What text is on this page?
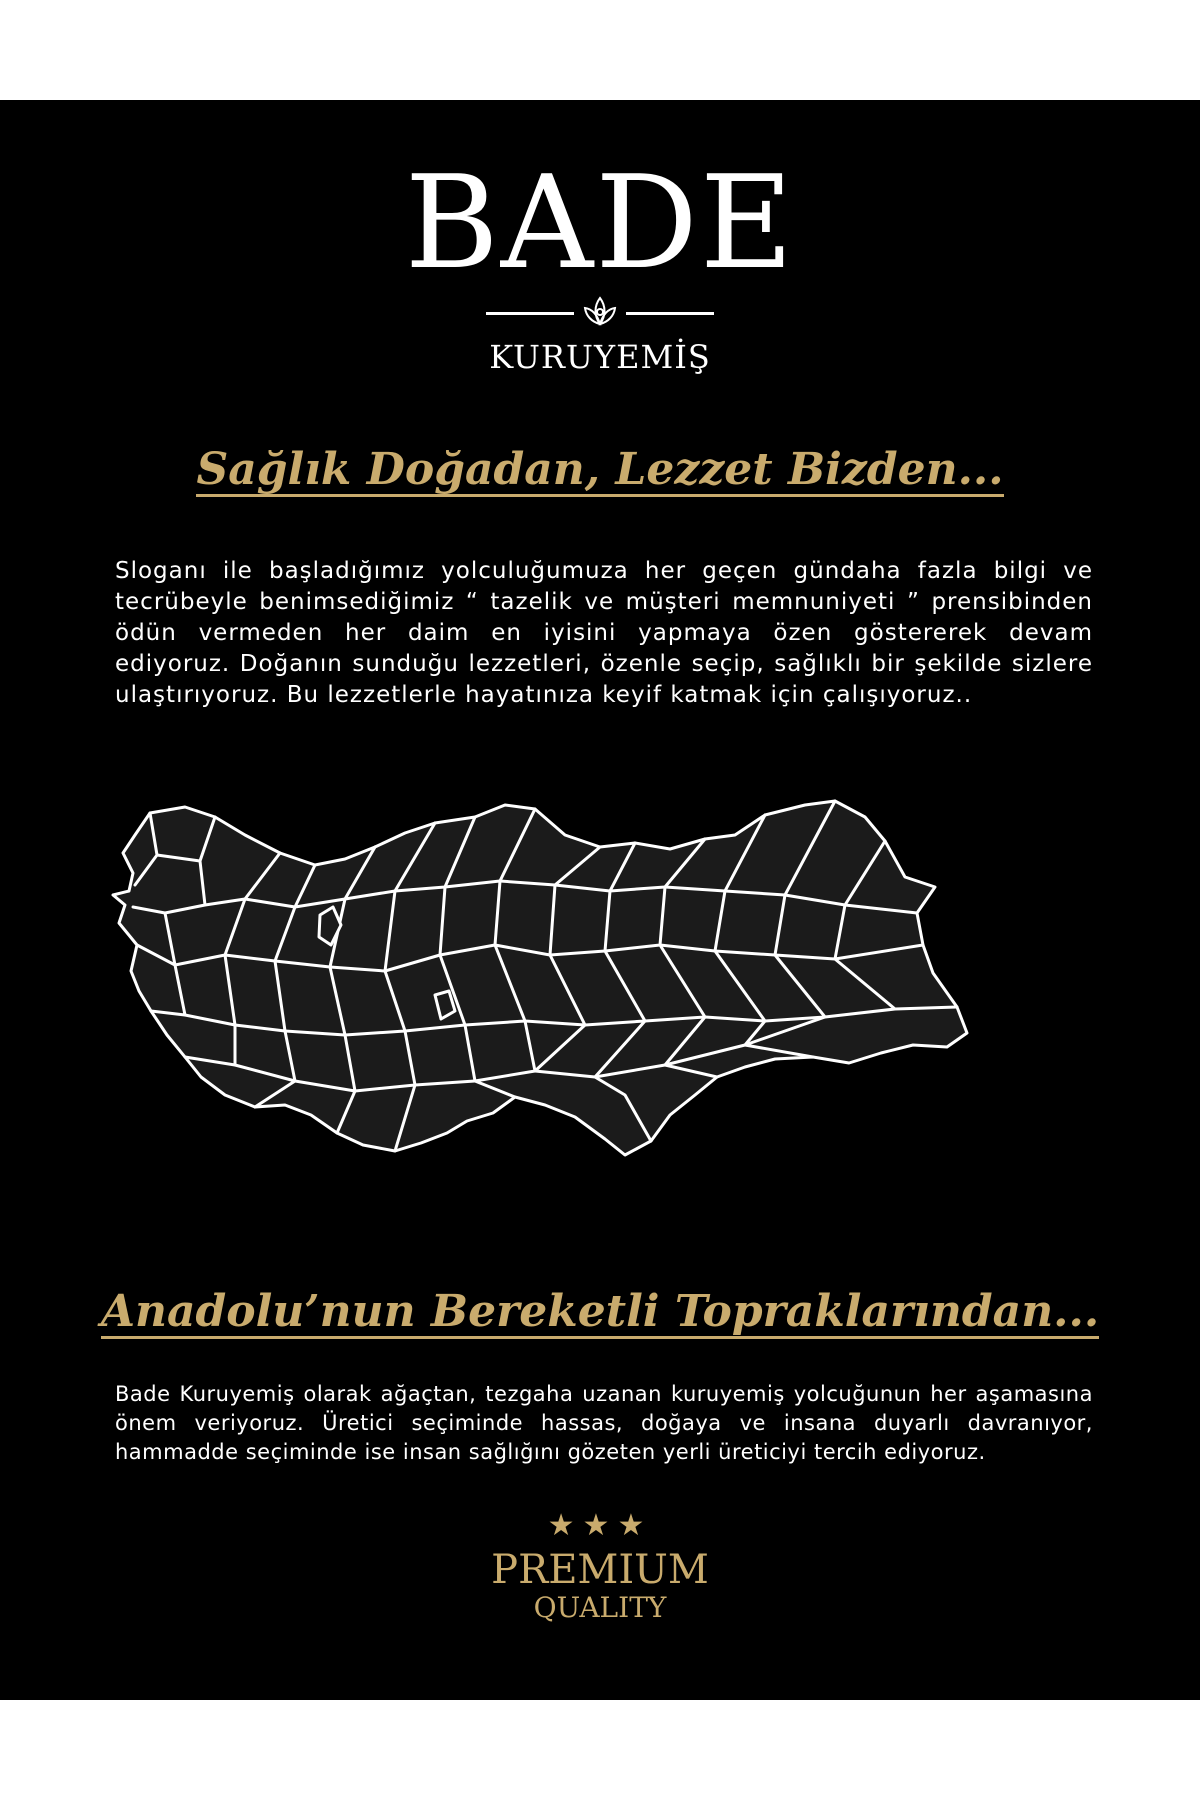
BADE
KURUYEMİŞ
Sağlık Doğadan, Lezzet Bizden...
Sloganı ile başladığımız yolculuğumuza her geçen gündaha fazla bilgi ve tecrübeyle benimsediğimiz “ tazelik ve müşteri memnuniyeti ” prensibinden ödün vermeden her daim en iyisini yapmaya özen göstererek devam ediyoruz. Doğanın sunduğu lezzetleri, özenle seçip, sağlıklı bir şekilde sizlere ulaştırıyoruz. Bu lezzetlerle hayatınıza keyif katmak için çalışıyoruz..
Anadolu’nun Bereketli Topraklarından...
Bade Kuruyemiş olarak ağaçtan, tezgaha uzanan kuruyemiş yolcuğunun her aşamasına önem veriyoruz. Üretici seçiminde hassas, doğaya ve insana duyarlı davranıyor, hammadde seçiminde ise insan sağlığını gözeten yerli üreticiyi tercih ediyoruz.
★★★
PREMIUM
QUALITY
